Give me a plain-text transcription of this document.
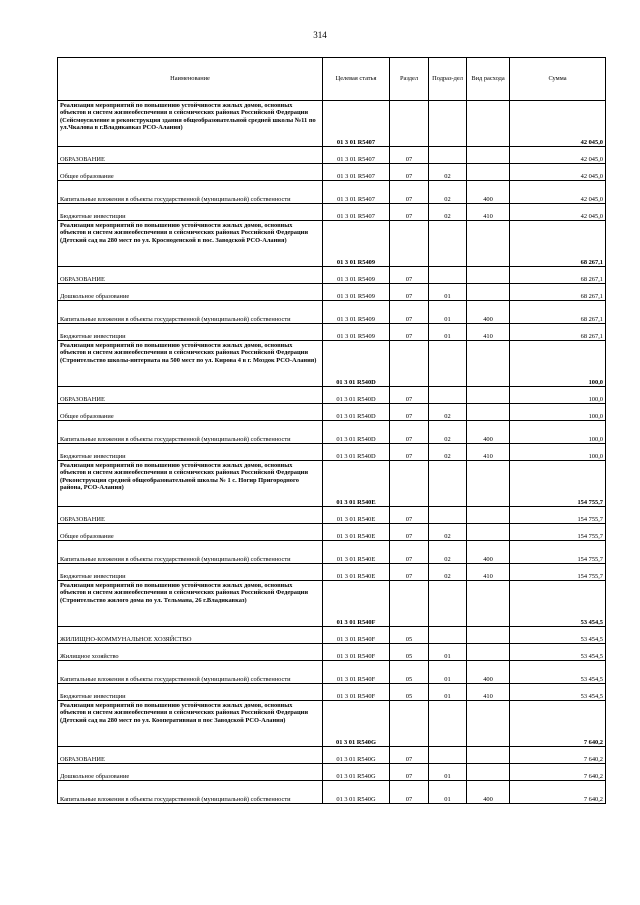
314
Наименование	Целевая статья	Раздел	Подраз-дел	Вид расхода	Сумма
Реализация мероприятий по повышению устойчивости жилых домов, основных объектов и систем жизнеобеспечения в сейсмических районах Российской Федерации (Сейсмоусиление и реконструкция здания общеобразовательной средней школы №11 по ул.Чкалова в г.Владикавказ РСО-Алания)	01 3 01 R5407				42 045,0
ОБРАЗОВАНИЕ	01 3 01 R5407	07			42 045,0
Общее образование	01 3 01 R5407	07	02		42 045,0
Капитальные вложения в объекты государственной (муниципальной) собственности	01 3 01 R5407	07	02	400	42 045,0
Бюджетные инвестиции	01 3 01 R5407	07	02	410	42 045,0
Реализация мероприятий по повышению устойчивости жилых домов, основных объектов и систем жизнеобеспечения в сейсмических районах Российской Федерации (Детский сад на 280 мест по ул. Кросноденской в пос. Заводской РСО-Алания)	01 3 01 R5409				68 267,1
ОБРАЗОВАНИЕ	01 3 01 R5409	07			68 267,1
Дошкольное образование	01 3 01 R5409	07	01		68 267,1
Капитальные вложения в объекты государственной (муниципальной) собственности	01 3 01 R5409	07	01	400	68 267,1
Бюджетные инвестиции	01 3 01 R5409	07	01	410	68 267,1
Реализация мероприятий по повышению устойчивости жилых домов, основных объектов и систем жизнеобеспечения в сейсмических районах Российской Федерации (Строительство школы-интерната на 500 мест по ул. Кирова 4 в г. Моздок РСО-Алания)	01 3 01 R540D				100,0
ОБРАЗОВАНИЕ	01 3 01 R540D	07			100,0
Общее образование	01 3 01 R540D	07	02		100,0
Капитальные вложения в объекты государственной (муниципальной) собственности	01 3 01 R540D	07	02	400	100,0
Бюджетные инвестиции	01 3 01 R540D	07	02	410	100,0
Реализация мероприятий по повышению устойчивости жилых домов, основных объектов и систем жизнеобеспечения в сейсмических районах Российской Федерации (Реконструкция средней общеобразовательной школы № 1 с. Ногир Пригородного района, РСО-Алания)	01 3 01 R540E				154 755,7
ОБРАЗОВАНИЕ	01 3 01 R540E	07			154 755,7
Общее образование	01 3 01 R540E	07	02		154 755,7
Капитальные вложения в объекты государственной (муниципальной) собственности	01 3 01 R540E	07	02	400	154 755,7
Бюджетные инвестиции	01 3 01 R540E	07	02	410	154 755,7
Реализация мероприятий по повышению устойчивости жилых домов, основных объектов и систем жизнеобеспечения в сейсмических районах Российской Федерации (Строительство жилого дома по ул. Тельмана, 26 г.Владикавказ)	01 3 01 R540F				53 454,5
ЖИЛИЩНО-КОММУНАЛЬНОЕ ХОЗЯЙСТВО	01 3 01 R540F	05			53 454,5
Жилищное хозяйство	01 3 01 R540F	05	01		53 454,5
Капитальные вложения в объекты государственной (муниципальной) собственности	01 3 01 R540F	05	01	400	53 454,5
Бюджетные инвестиции	01 3 01 R540F	05	01	410	53 454,5
Реализация мероприятий по повышению устойчивости жилых домов, основных объектов и систем жизнеобеспечения в сейсмических районах Российской Федерации (Детский сад на 280 мест по ул. Кооперативная в пос Заводской РСО-Алания)	01 3 01 R540G				7 640,2
ОБРАЗОВАНИЕ	01 3 01 R540G	07			7 640,2
Дошкольное образование	01 3 01 R540G	07	01		7 640,2
Капитальные вложения в объекты государственной (муниципальной) собственности	01 3 01 R540G	07	01	400	7 640,2
